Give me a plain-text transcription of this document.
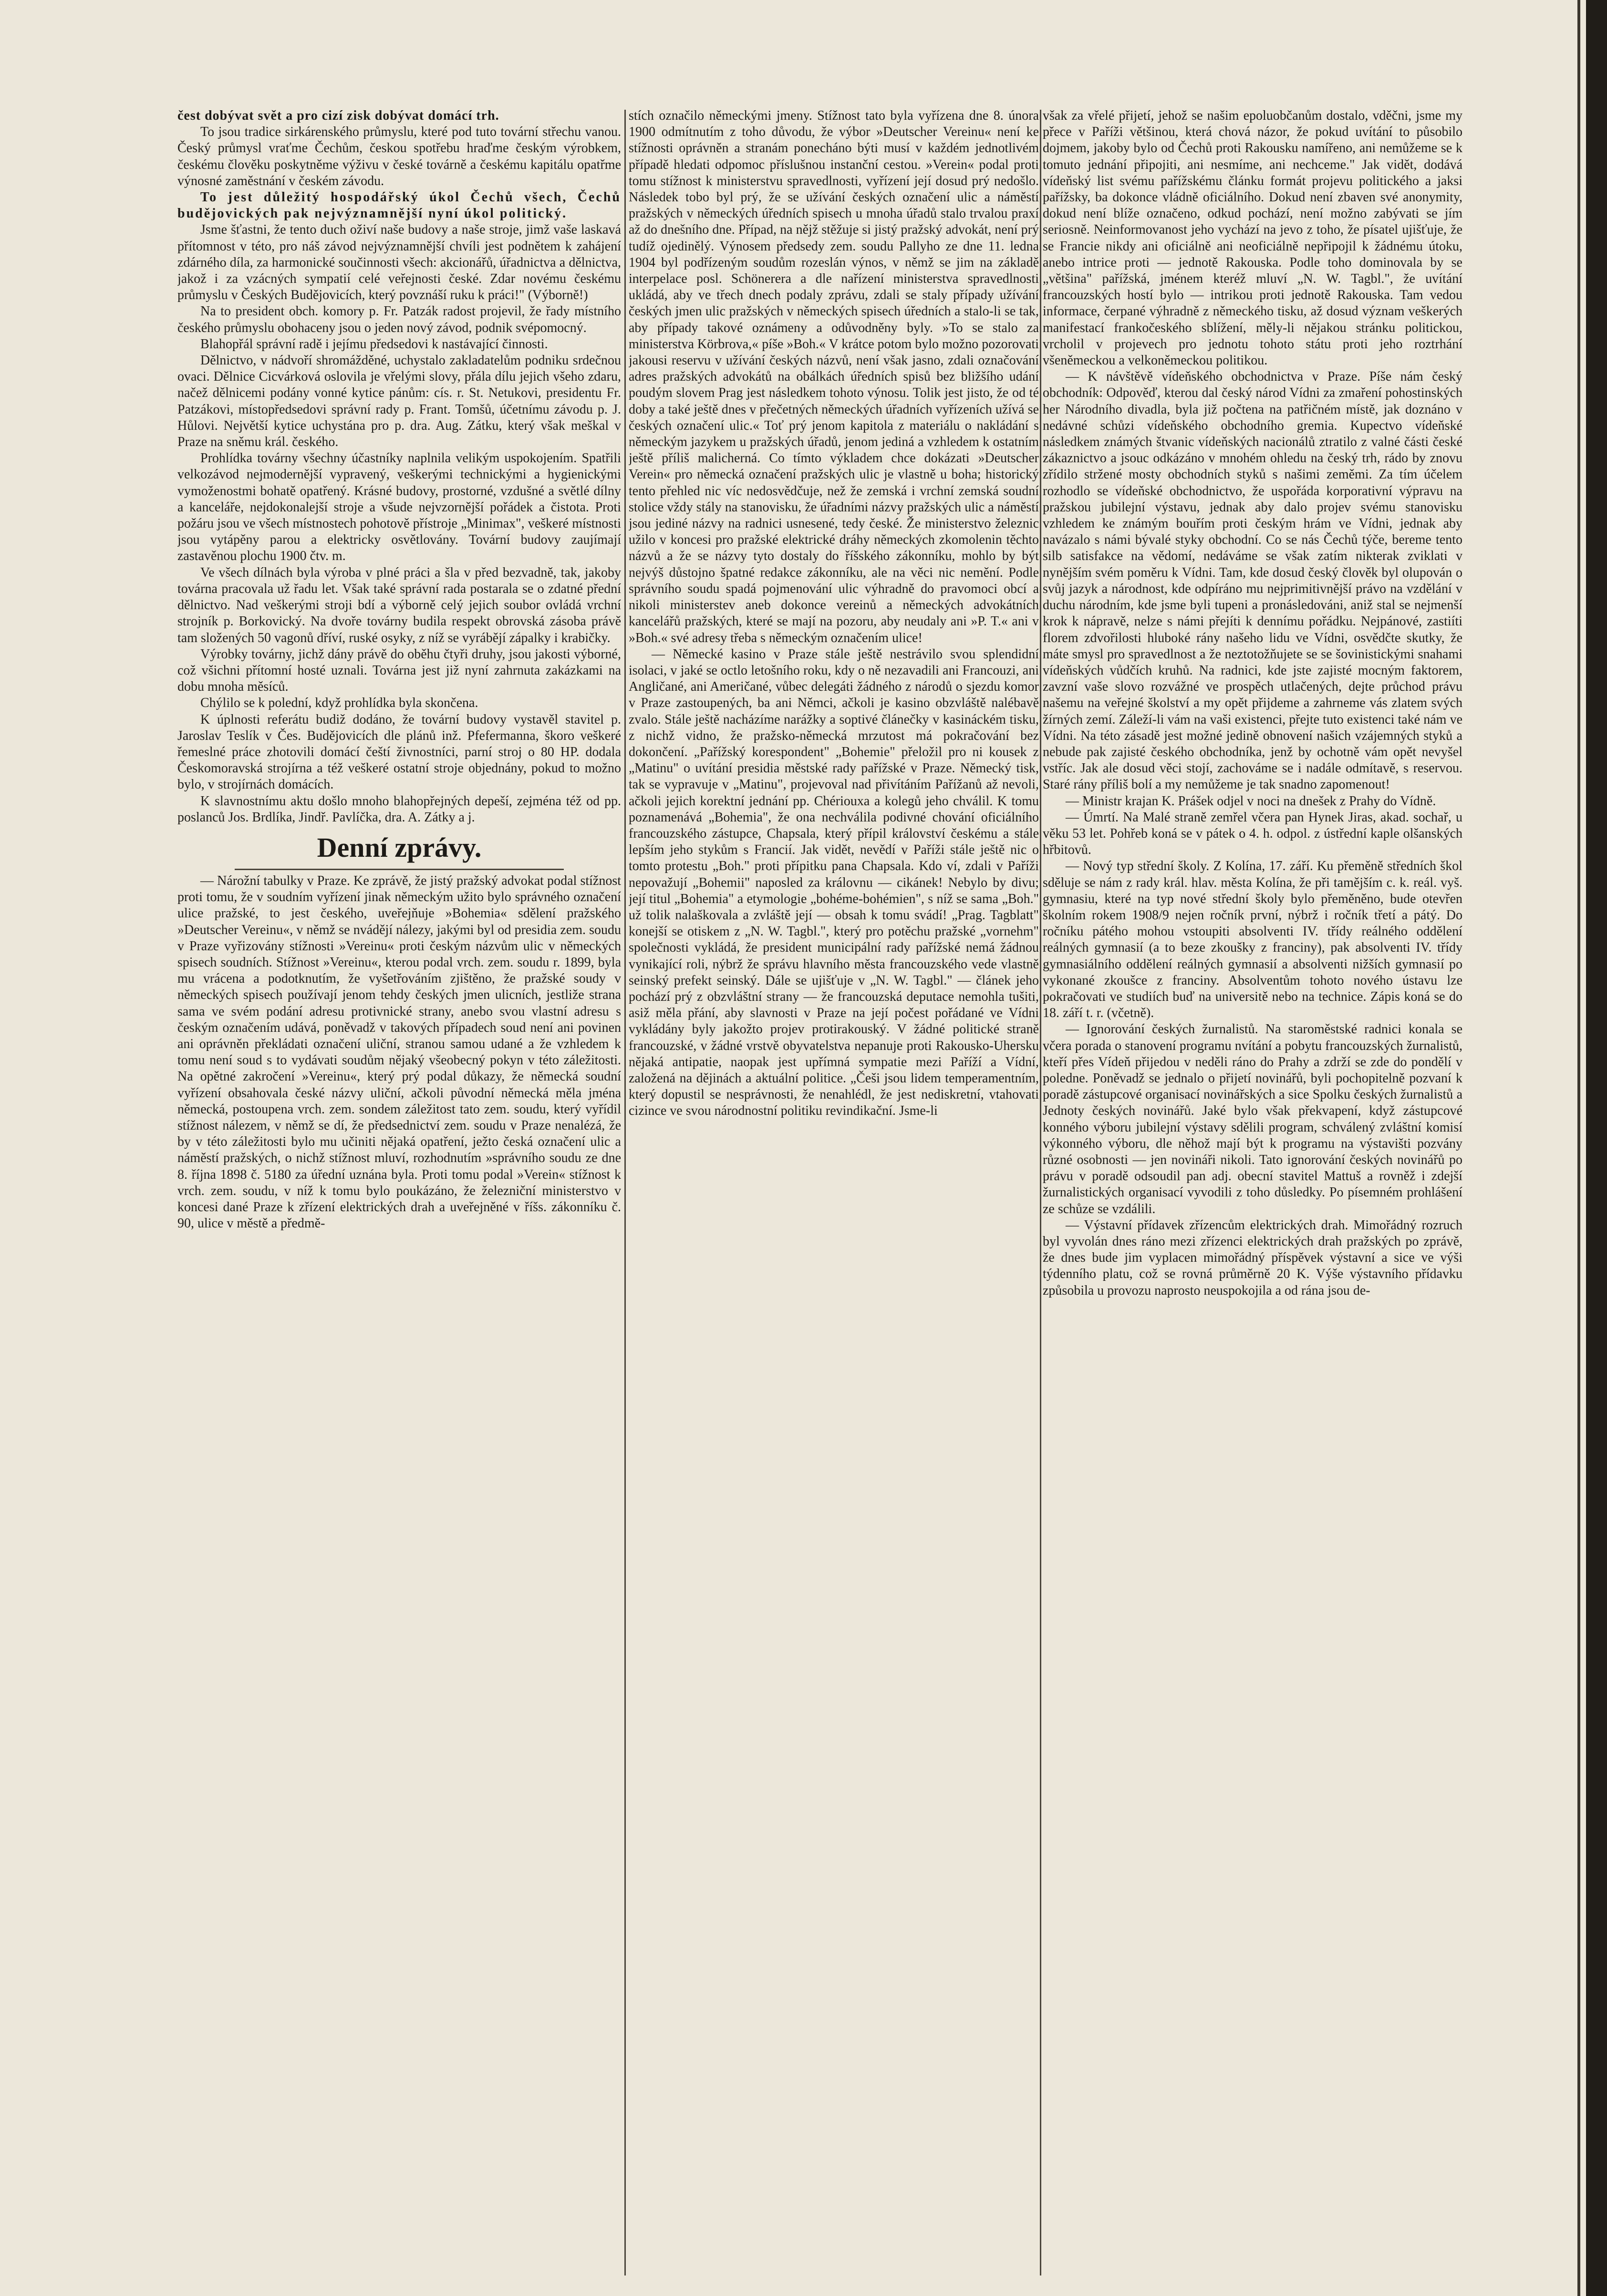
čest dobývat svět a pro cizí zisk dobývat domácí trh.

To jsou tradice sirkárenského průmyslu, které pod tuto tovární střechu vanou. Český průmysl vraťme Čechům, českou spotřebu hraďme českým výrobkem, českému člověku poskytněme výživu v české továrně a českému kapitálu opatřme výnosné zaměstnání v českém závodu.

To jest důležitý hospodářský úkol Čechů všech, Čechů budějovických pak nejvýznamnější nyní úkol politický.

Jsme šťastni, že tento duch oživí naše budovy a naše stroje, jimž vaše laskavá přítomnost v této, pro náš závod nejvýznamnější chvíli jest podnětem k zahájení zdárného díla, za harmonické součinnosti všech: akcionářů, úřadnictva a dělnictva, jakož i za vzácných sympatií celé veřejnosti české. Zdar novému českému průmyslu v Českých Budějovicích, který povznáší ruku k práci!" (Výborně!)

Na to president obch. komory p. Fr. Patzák radost projevil, že řady místního českého průmyslu obohaceny jsou o jeden nový závod, podnik svépomocný.

Blahopřál správní radě i jejímu předsedovi k nastávající činnosti.

Dělnictvo, v nádvoří shromážděné, uchystalo zakladatelům podniku srdečnou ovaci. Dělnice Cicvárková oslovila je vřelými slovy, přála dílu jejich všeho zdaru, načež dělnicemi podány vonné kytice pánům: cís. r. St. Netukovi, presidentu Fr. Patzákovi, místopředsedovi správní rady p. Frant. Tomšů, účetnímu závodu p. J. Hůlovi. Největší kytice uchystána pro p. dra. Aug. Zátku, který však meškal v Praze na sněmu král. českého.

Prohlídka továrny všechny účastníky naplnila velikým uspokojením. Spatřili velkozávod nejmodernější vypravený, veškerými technickými a hygienickými vymoženostmi bohatě opatřený. Krásné budovy, prostorné, vzdušné a světlé dílny a kanceláře, nejdokonalejší stroje a všude nejvzornější pořádek a čistota. Proti požáru jsou ve všech místnostech pohotově přístroje „Minimax", veškeré místnosti jsou vytápěny parou a elektricky osvětlovány. Tovární budovy zaujímají zastavěnou plochu 1900 čtv. m.

Ve všech dílnách byla výroba v plné práci a šla v před bezvadně, tak, jakoby továrna pracovala už řadu let. Však také správní rada postarala se o zdatné přední dělnictvo. Nad veškerými stroji bdí a výborně celý jejich soubor ovládá vrchní strojník p. Borkovický. Na dvoře továrny budila respekt obrovská zásoba právě tam složených 50 vagonů dříví, ruské osyky, z níž se vyrábějí zápalky i krabičky.

Výrobky továrny, jichž dány právě do oběhu čtyři druhy, jsou jakosti výborné, což všichni přítomní hosté uznali. Továrna jest již nyní zahrnuta zakázkami na dobu mnoha měsíců.

Chýlilo se k polední, když prohlídka byla skončena.

K úplnosti referátu budiž dodáno, že tovární budovy vystavěl stavitel p. Jaroslav Teslík v Čes. Budějovicích dle plánů inž. Pfefermanna, škoro veškeré řemeslné práce zhotovili domácí čeští živnostníci, parní stroj o 80 HP. dodala Českomoravská strojírna a též veškeré ostatní stroje objednány, pokud to možno bylo, v strojírnách domácích.

K slavnostnímu aktu došlo mnoho blahopřejných depeší, zejména též od pp. poslanců Jos. Brdlíka, Jindř. Pavlíčka, dra. A. Zátky a j.

Denní zprávy.

— Nárožní tabulky v Praze. Ke zprávě, že jistý pražský advokat podal stížnost proti tomu, že v soudním vyřízení jinak německým užito bylo správného označení ulice pražské, to jest českého, uveřejňuje »Bohemia« sdělení pražského »Deutscher Vereinu«, v němž se nvádějí nálezy, jakými byl od presidia zem. soudu v Praze vyřizovány stížnosti »Vereinu« proti českým názvům ulic v německých spisech soudních. Stížnost »Vereinu«, kterou podal vrch. zem. soudu r. 1899, byla mu vrácena a podotknutím, že vyšetřováním zjištěno, že pražské soudy v německých spisech používají jenom tehdy českých jmen ulicních, jestliže strana sama ve svém podání adresu protivnické strany, anebo svou vlastní adresu s českým označením udává, poněvadž v takových případech soud není ani povinen ani oprávněn překládati označení uliční, stranou samou udané a že vzhledem k tomu není soud s to vydávati soudům nějaký všeobecný pokyn v této záležitosti. Na opětné zakročení »Vereinu«, který prý podal důkazy, že německá soudní vyřízení obsahovala české názvy uliční, ačkoli původní německá měla jména německá, postoupena vrch. zem. sondem záležitost tato zem. soudu, který vyřídil stížnost nálezem, v němž se dí, že předsednictví zem. soudu v Praze nenalézá, že by v této záležitosti bylo mu učiniti nějaká opatření, ježto česká označení ulic a náměstí pražských, o nichž stížnost mluví, rozhodnutím »správního soudu ze dne 8. října 1898 č. 5180 za úřední uznána byla. Proti tomu podal »Verein« stížnost k vrch. zem. soudu, v níž k tomu bylo poukázáno, že železniční ministerstvo v koncesi dané Praze k zřízení elektrických drah a uveřejněné v říšs. zákonníku č. 90, ulice v městě a předmě-

stích označilo německými jmeny. Stížnost tato byla vyřízena dne 8. února 1900 odmítnutím z toho důvodu, že výbor »Deutscher Vereinu« není ke stížnosti oprávněn a stranám ponecháno býti musí v každém jednotlivém případě hledati odpomoc příslušnou instanční cestou. »Verein« podal proti tomu stížnost k ministerstvu spravedlnosti, vyřízení její dosud prý nedošlo. Následek tobo byl prý, že se užívání českých označení ulic a náměstí pražských v německých úředních spisech u mnoha úřadů stalo trvalou praxí až do dnešního dne. Případ, na nějž stěžuje si jistý pražský advokát, není prý tudíž ojedinělý. Výnosem předsedy zem. soudu Pallyho ze dne 11. ledna 1904 byl podřízeným soudům rozeslán výnos, v němž se jim na základě interpelace posl. Schönerera a dle nařízení ministerstva spravedlnosti ukládá, aby ve třech dnech podaly zprávu, zdali se staly případy užívání českých jmen ulic pražských v německých spisech úředních a stalo-li se tak, aby případy takové oznámeny a odůvodněny byly. »To se stalo za ministerstva Körbrova,« píše »Boh.« V krátce potom bylo možno pozorovati jakousi reservu v užívání českých názvů, není však jasno, zdali označování adres pražských advokátů na obálkách úředních spisů bez bližšího udání poudým slovem Prag jest následkem tohoto výnosu. Tolik jest jisto, že od té doby a také ještě dnes v přečetných německých úřadních vyřízeních užívá se českých označení ulic.« Toť prý jenom kapitola z materiálu o nakládání s německým jazykem u pražských úřadů, jenom jediná a vzhledem k ostatním ještě příliš malicherná. Co tímto výkladem chce dokázati »Deutscher Verein« pro německá označení pražských ulic je vlastně u boha; historický tento přehled nic víc nedosvědčuje, než že zemská i vrchní zemská soudní stolice vždy stály na stanovisku, že úřadními názvy pražských ulic a náměstí jsou jediné názvy na radnici usnesené, tedy české. Že ministerstvo železnic užilo v koncesi pro pražské elektrické dráhy německých zkomolenin těchto názvů a že se názvy tyto dostaly do říšského zákonníku, mohlo by být nejvýš důstojno špatné redakce zákonníku, ale na věci nic nemění. Podle správního soudu spadá pojmenování ulic výhradně do pravomoci obcí a nikoli ministerstev aneb dokonce vereinů a německých advokátních kancelářů pražských, které se mají na pozoru, aby neudaly ani »P. T.« ani v »Boh.« své adresy třeba s německým označením ulice!

— Německé kasino v Praze stále ještě nestrávilo svou splendidní isolaci, v jaké se octlo letošního roku, kdy o ně nezavadili ani Francouzi, ani Angličané, ani Američané, vůbec delegáti žádného z národů o sjezdu komor v Praze zastoupených, ba ani Němci, ačkoli je kasino obzvláště nalébavě zvalo. Stále ještě nacházíme narážky a soptivé článečky v kasináckém tisku, z nichž vidno, že pražsko-německá mrzutost má pokračování bez dokončení. „Pařížský korespondent" „Bohemie" přeložil pro ni kousek z „Matinu" o uvítání presidia městské rady pařížské v Praze. Německý tisk, tak se vypravuje v „Matinu", projevoval nad přivítáním Pařížanů až nevoli, ačkoli jejich korektní jednání pp. Chériouxa a kolegů jeho chválil. K tomu poznamenává „Bohemia", že ona nechválila podivné chování oficiálního francouzského zástupce, Chapsala, který přípil království českému a stále lepším jeho stykům s Francií. Jak vidět, nevědí v Paříži stále ještě nic o tomto protestu „Boh." proti přípitku pana Chapsala. Kdo ví, zdali v Paříži nepovažují „Bohemii" naposled za královnu — cikánek! Nebylo by divu; její titul „Bohemia" a etymologie „bohéme-bohémien", s níž se sama „Boh." už tolik nalaškovala a zvláště její — obsah k tomu svádí! „Prag. Tagblatt" konejší se otiskem z „N. W. Tagbl.", který pro potěchu pražské „vornehm" společnosti vykládá, že president municipální rady pařížské nemá žádnou vynikající roli, nýbrž že správu hlavního města francouzského vede vlastně seinský prefekt seinský. Dále se ujišťuje v „N. W. Tagbl." — článek jeho pochází prý z obzvláštní strany — že francouzská deputace nemohla tušiti, asiž měla přání, aby slavnosti v Praze na její počest pořádané ve Vídni vykládány byly jakožto projev protirakouský. V žádné politické straně francouzské, v žádné vrstvě obyvatelstva nepanuje proti Rakousko-Uhersku nějaká antipatie, naopak jest upřímná sympatie mezi Paříží a Vídní, založená na dějinách a aktuální politice. „Češi jsou lidem temperamentním, který dopustil se nesprávnosti, že nenahlédl, že jest nediskretní, vtahovati cizince ve svou národnostní politiku revindikační. Jsme-li

však za vřelé přijetí, jehož se našim epoluobčanům dostalo, vděčni, jsme my přece v Paříži většinou, která chová názor, že pokud uvítání to působilo dojmem, jakoby bylo od Čechů proti Rakousku namířeno, ani nemůžeme se k tomuto jednání připojiti, ani nesmíme, ani nechceme." Jak vidět, dodává vídeňský list svému pařížskému článku formát projevu politického a jaksi pařížsky, ba dokonce vládně oficiálního. Dokud není zbaven své anonymity, dokud není blíže označeno, odkud pochází, není možno zabývati se jím seriosně. Neinformovanost jeho vychází na jevo z toho, že písatel ujišťuje, že se Francie nikdy ani oficiálně ani neoficiálně nepřipojil k žádnému útoku, anebo intrice proti — jednotě Rakouska. Podle toho dominovala by se „většina" pařížská, jménem kteréž mluví „N. W. Tagbl.", že uvítání francouzských hostí bylo — intrikou proti jednotě Rakouska. Tam vedou informace, čerpané výhradně z německého tisku, až dosud význam veškerých manifestací frankočeského sblížení, měly-li nějakou stránku politickou, vrcholil v projevech pro jednotu tohoto státu proti jeho roztrhání všeněmeckou a velkoněmeckou politikou.

— K návštěvě vídeňského obchodnictva v Praze. Píše nám český obchodník: Odpověď, kterou dal český národ Vídni za zmaření pohostinských her Národního divadla, byla již počtena na patřičném místě, jak doznáno v nedávné schůzi vídeňského obchodního gremia. Kupectvo vídeňské následkem známých štvanic vídeňských nacionálů ztratilo z valné části české zákaznictvo a jsouc odkázáno v mnohém ohledu na český trh, rádo by znovu zřídilo stržené mosty obchodních styků s našimi zeměmi. Za tím účelem rozhodlo se vídeňské obchodnictvo, že uspořáda korporativní výpravu na pražskou jubilejní výstavu, jednak aby dalo projev svému stanovisku vzhledem ke známým bouřím proti českým hrám ve Vídni, jednak aby navázalo s námi bývalé styky obchodní. Co se nás Čechů týče, bereme tento silb satisfakce na vědomí, nedáváme se však zatím nikterak zviklati v nynějším svém poměru k Vídni. Tam, kde dosud český člověk byl olupován o svůj jazyk a národnost, kde odpíráno mu nejprimitivnější právo na vzdělání v duchu národním, kde jsme byli tupeni a pronásledováni, aniž stal se nejmenší krok k nápravě, nelze s námi přejíti k dennímu pořádku. Nejpánové, zastiíti florem zdvořilosti hluboké rány našeho lidu ve Vídni, osvědčte skutky, že máte smysl pro spravedlnost a že neztotožňujete se se šovinistickými snahami vídeňských vůdčích kruhů. Na radnici, kde jste zajisté mocným faktorem, zavzní vaše slovo rozvážné ve prospěch utlačených, dejte průchod právu našemu na veřejné školství a my opět přijdeme a zahrneme vás zlatem svých žírných zemí. Záleží-li vám na vaši existenci, přejte tuto existenci také nám ve Vídni. Na této zásadě jest možné jedině obnovení našich vzájemných styků a nebude pak zajisté českého obchodníka, jenž by ochotně vám opět nevyšel vstříc. Jak ale dosud věci stojí, zachováme se i nadále odmítavě, s reservou. Staré rány příliš bolí a my nemůžeme je tak snadno zapomenout!

— Ministr krajan K. Prášek odjel v noci na dnešek z Prahy do Vídně.

— Úmrtí. Na Malé straně zemřel včera pan Hynek Jiras, akad. sochař, u věku 53 let. Pohřeb koná se v pátek o 4. h. odpol. z ústřední kaple olšanských hřbitovů.

— Nový typ střední školy. Z Kolína, 17. září. Ku přeměně středních škol sděluje se nám z rady král. hlav. města Kolína, že při tamějším c. k. reál. vyš. gymnasiu, které na typ nové střední školy bylo přeměněno, bude otevřen školním rokem 1908/9 nejen ročník první, nýbrž i ročník třetí a pátý. Do ročníku pátého mohou vstoupiti absolventi IV. třídy reálného oddělení reálných gymnasií (a to beze zkoušky z franciny), pak absolventi IV. třídy gymnasiálního oddělení reálných gymnasií a absolventi nižších gymnasií po vykonané zkoušce z franciny. Absolventům tohoto nového ústavu lze pokračovati ve studiích buď na universitě nebo na technice. Zápis koná se do 18. září t. r. (včetně).

— Ignorování českých žurnalistů. Na staroměstské radnici konala se včera porada o stanovení programu nvítání a pobytu francouzských žurnalistů, kteří přes Vídeň přijedou v neděli ráno do Prahy a zdrží se zde do pondělí v poledne. Poněvadž se jednalo o přijetí novinářů, byli pochopitelně pozvaní k poradě zástupcové organisací novinářských a sice Spolku českých žurnalistů a Jednoty českých novinářů. Jaké bylo však překvapení, když zástupcové konného výboru jubilejní výstavy sdělili program, schválený zvláštní komisí výkonného výboru, dle něhož mají být k programu na výstavišti pozvány různé osobnosti — jen novináři nikoli. Tato ignorování českých novinářů po právu v poradě odsoudil pan adj. obecní stavitel Mattuš a rovněž i zdejší žurnalistických organisací vyvodili z toho důsledky. Po písemném prohlášení ze schůze se vzdálili.

— Výstavní přídavek zřízencům elektrických drah. Mimořádný rozruch byl vyvolán dnes ráno mezi zřízenci elektrických drah pražských po zprávě, že dnes bude jim vyplacen mimořádný příspěvek výstavní a sice ve výši týdenního platu, což se rovná průměrně 20 K. Výše výstavního přídavku způsobila u provozu naprosto neuspokojila a od rána jsou de-
